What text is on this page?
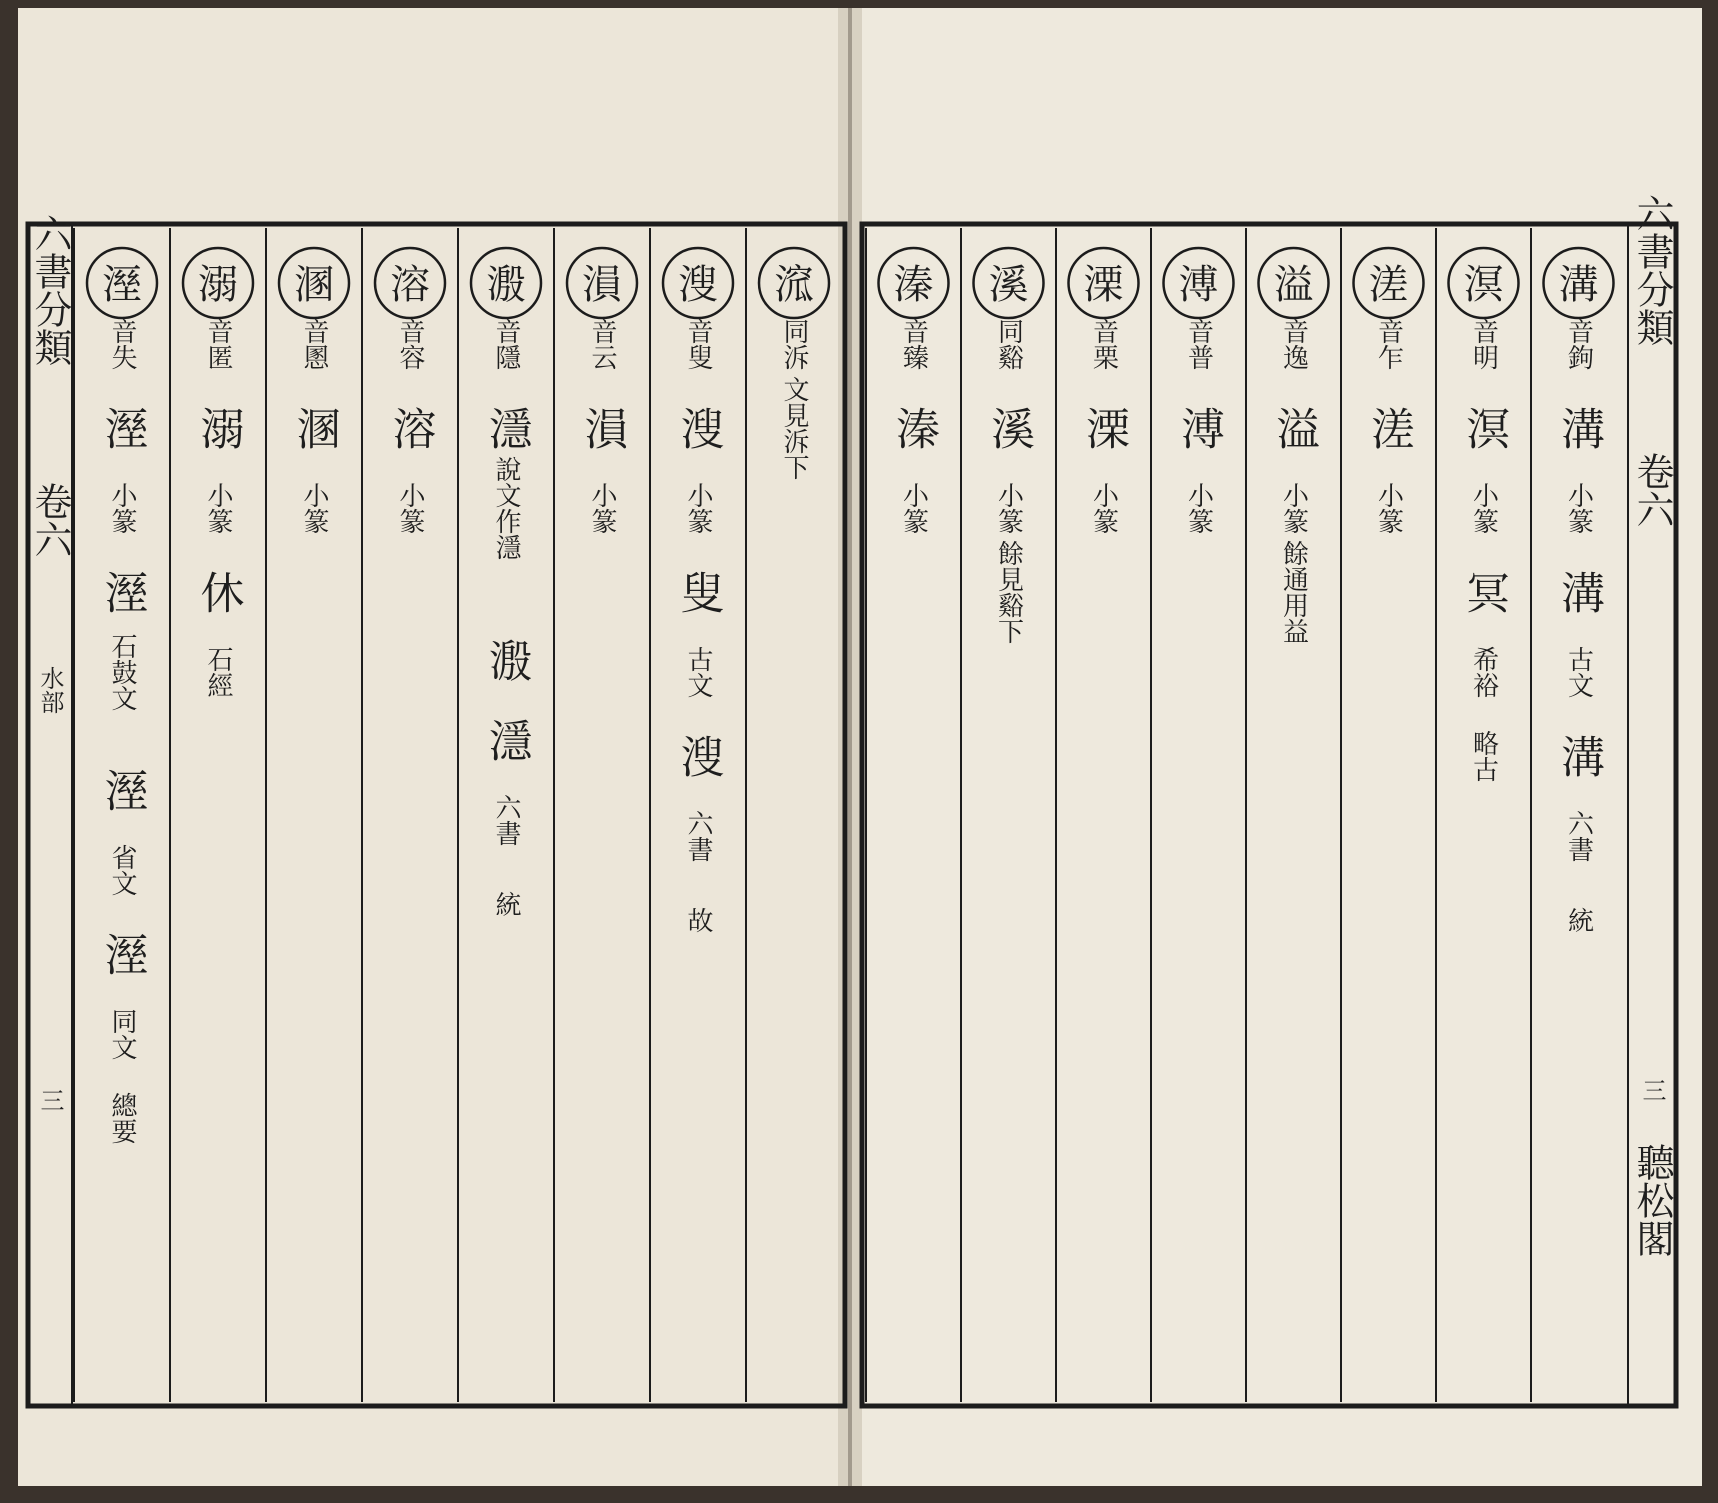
六書分類
卷六
水部
三
六書分類
卷六
三
聽松閣
溛
同泝
文見泝下
溲
音叟
溲
小篆
叟
古文
溲
六書
故
溳
音云
溳
小篆
溵
音隱
濦
說文作濦
溵
濦
六書
統
溶
音容
溶
小篆
溷
音慁
溷
小篆
溺
音匿
溺
小篆
休
石經
溼
音失
溼
小篆
溼
石鼓文
溼
省文
溼
同文
總要
溝
音鉤
溝
小篆
溝
古文
溝
六書
統
溟
音明
溟
小篆
冥
希裕
略古
溠
音乍
溠
小篆
溢
音逸
溢
小篆
餘通用益
溥
音普
溥
小篆
溧
音栗
溧
小篆
溪
同谿
溪
小篆
餘見谿下
溱
音臻
溱
小篆
